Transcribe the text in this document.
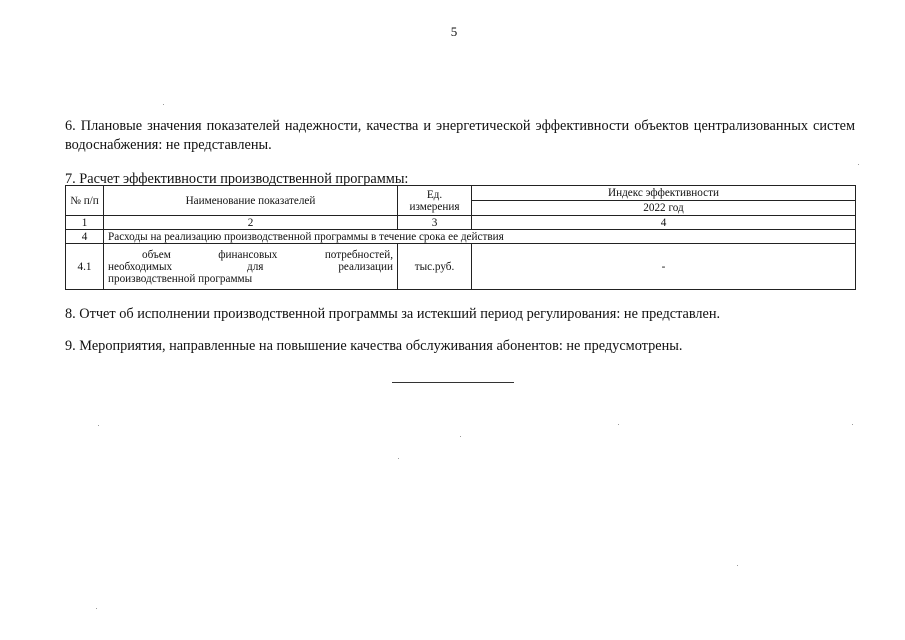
5
6. Плановые значения показателей надежности, качества и энергетической эффективности объектов централизованных систем водоснабжения: не представлены.
7. Расчет эффективности производственной программы:
№ п/п	Наименование показателей	Ед. измерения	Индекс эффективности
			2022 год
1	2	3	4
4	Расходы на реализацию производственной программы в течение срока ее действия		
4.1	объем финансовых потребностей,
необходимых для реализации
производственной программы	тыс.руб.	-
8. Отчет об исполнении производственной программы за истекший период регулирования: не представлен.
9. Мероприятия, направленные на повышение качества обслуживания абонентов: не предусмотрены.
